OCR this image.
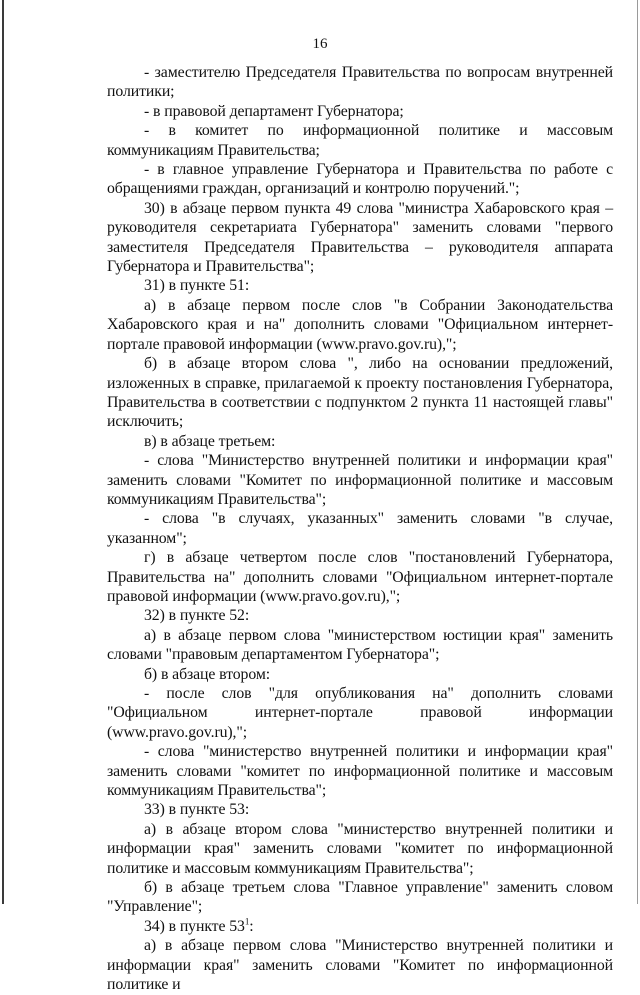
16

- заместителю Председателя Правительства по вопросам внутренней политики;

- в правовой департамент Губернатора;

- в комитет по информационной политике и массовым коммуникациям Правительства;

- в главное управление Губернатора и Правительства по работе с обращениями граждан, организаций и контролю поручений.";

30) в абзаце первом пункта 49 слова "министра Хабаровского края – руководителя секретариата Губернатора" заменить словами "первого заместителя Председателя Правительства – руководителя аппарата Губернатора и Правительства";

31) в пункте 51:

а) в абзаце первом после слов "в Собрании Законодательства Хабаровского края и на" дополнить словами "Официальном интернет-портале правовой информации (www.pravo.gov.ru),";

б) в абзаце втором слова ", либо на основании предложений, изложенных в справке, прилагаемой к проекту постановления Губернатора, Правительства в соответствии с подпунктом 2 пункта 11 настоящей главы" исключить;

в) в абзаце третьем:

- слова "Министерство внутренней политики и информации края" заменить словами "Комитет по информационной политике и массовым коммуникациям Правительства";

- слова "в случаях, указанных" заменить словами "в случае, указанном";

г) в абзаце четвертом после слов "постановлений Губернатора, Правительства на" дополнить словами "Официальном интернет-портале правовой информации (www.pravo.gov.ru),";

32) в пункте 52:

а) в абзаце первом слова "министерством юстиции края" заменить словами "правовым департаментом Губернатора";

б) в абзаце втором:

- после слов "для опубликования на" дополнить словами "Официальном интернет-портале правовой информации (www.pravo.gov.ru),";

- слова "министерство внутренней политики и информации края" заменить словами "комитет по информационной политике и массовым коммуникациям Правительства";

33) в пункте 53:

а) в абзаце втором слова "министерство внутренней политики и информации края" заменить словами "комитет по информационной политике и массовым коммуникациям Правительства";

б) в абзаце третьем слова "Главное управление" заменить словом "Управление";

34) в пункте $53^1$:

а) в абзаце первом слова "Министерство внутренней политики и информации края" заменить словами "Комитет по информационной политике и
